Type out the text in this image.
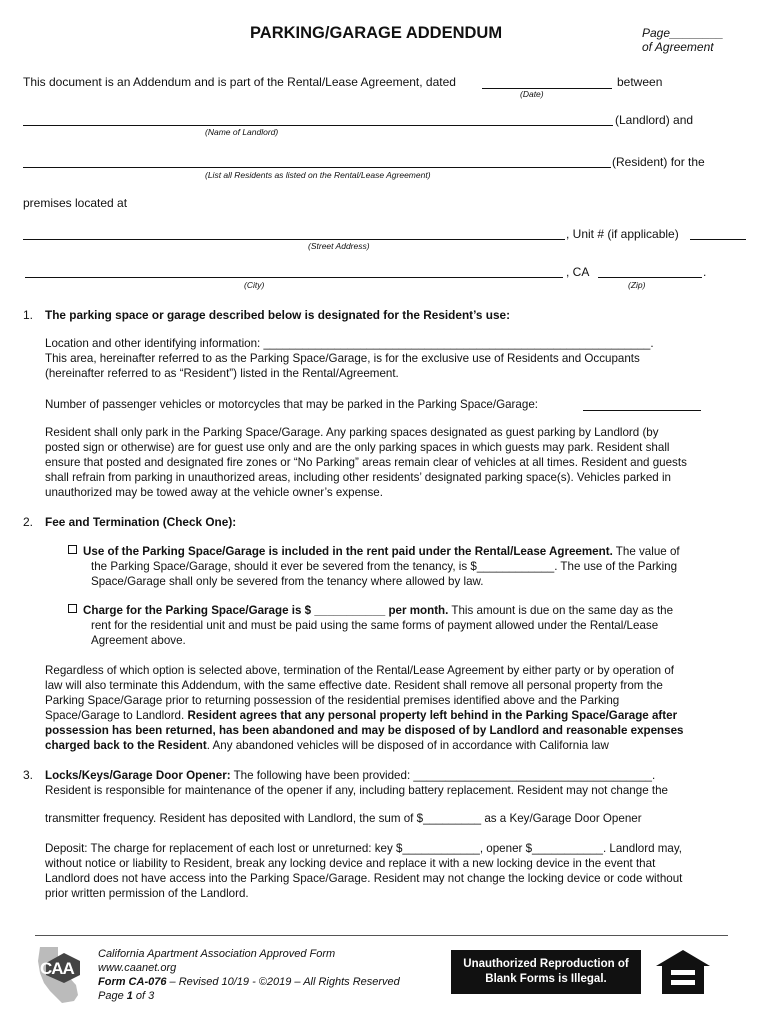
PARKING/GARAGE ADDENDUM	Page________
of Agreement
This document is an Addendum and is part of the Rental/Lease Agreement, dated	between
(Date)
(Landlord) and
(Name of Landlord)
(Resident) for the
(List all Residents as listed on the Rental/Lease Agreement)
premises located at
, Unit # (if applicable)
(Street Address)
, CA	.
(City)	(Zip)
1. The parking space or garage described below is designated for the Resident’s use:
Location and other identifying information: ____________________________________________________________.
This area, hereinafter referred to as the Parking Space/Garage, is for the exclusive use of Residents and Occupants
(hereinafter referred to as “Resident”) listed in the Rental/Agreement.
Number of passenger vehicles or motorcycles that may be parked in the Parking Space/Garage:
Resident shall only park in the Parking Space/Garage. Any parking spaces designated as guest parking by Landlord (by
posted sign or otherwise) are for guest use only and are the only parking spaces in which guests may park. Resident shall
ensure that posted and designated fire zones or “No Parking” areas remain clear of vehicles at all times. Resident and guests
shall refrain from parking in unauthorized areas, including other residents’ designated parking space(s). Vehicles parked in
unauthorized may be towed away at the vehicle owner’s expense.
2. Fee and Termination (Check One):
Use of the Parking Space/Garage is included in the rent paid under the Rental/Lease Agreement. The value of
the Parking Space/Garage, should it ever be severed from the tenancy, is $____________. The use of the Parking
Space/Garage shall only be severed from the tenancy where allowed by law.
Charge for the Parking Space/Garage is $ ___________ per month. This amount is due on the same day as the
rent for the residential unit and must be paid using the same forms of payment allowed under the Rental/Lease
Agreement above.
Regardless of which option is selected above, termination of the Rental/Lease Agreement by either party or by operation of
law will also terminate this Addendum, with the same effective date. Resident shall remove all personal property from the
Parking Space/Garage prior to returning possession of the residential premises identified above and the Parking
Space/Garage to Landlord. Resident agrees that any personal property left behind in the Parking Space/Garage after
possession has been returned, has been abandoned and may be disposed of by Landlord and reasonable expenses
charged back to the Resident. Any abandoned vehicles will be disposed of in accordance with California law
3. Locks/Keys/Garage Door Opener: The following have been provided: _____________________________________.
Resident is responsible for maintenance of the opener if any, including battery replacement. Resident may not change the
transmitter frequency. Resident has deposited with Landlord, the sum of $_________ as a Key/Garage Door Opener
Deposit: The charge for replacement of each lost or unreturned: key $____________, opener $___________. Landlord may,
without notice or liability to Resident, break any locking device and replace it with a new locking device in the event that
Landlord does not have access into the Parking Space/Garage. Resident may not change the locking device or code without
prior written permission of the Landlord.
CAA
California Apartment Association Approved Form
www.caanet.org
Form CA-076 – Revised 10/19 - ©2019 – All Rights Reserved
Page 1 of 3
Unauthorized Reproduction of
Blank Forms is Illegal.
